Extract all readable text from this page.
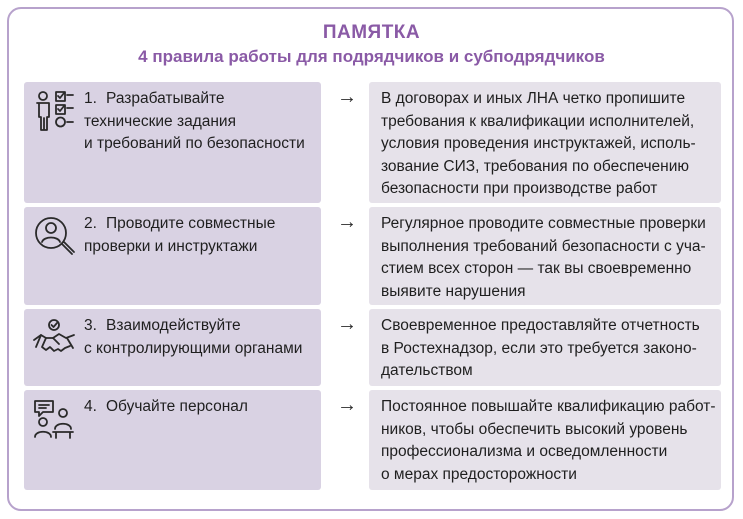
ПАМЯТКА
4 правила работы для подрядчиков и субподрядчиков
1. Разрабатывайте
технические задания
и требований по безопасности
→	В договорах и иных ЛНА четко пропишите
требования к квалификации исполнителей,
условия проведения инструктажей, исполь-
зование СИЗ, требования по обеспечению
безопасности при производстве работ
2. Проводите совместные
проверки и инструктажи
→	Регулярное проводите совместные проверки
выполнения требований безопасности с уча-
стием всех сторон — так вы своевременно
выявите нарушения
3. Взаимодействуйте
с контролирующими органами
→	Своевременное предоставляйте отчетность
в Ростехнадзор, если это требуется законо-
дательством
4. Обучайте персонал	→	Постоянное повышайте квалификацию работ-
ников, чтобы обеспечить высокий уровень
профессионализма и осведомленности
о мерах предосторожности
